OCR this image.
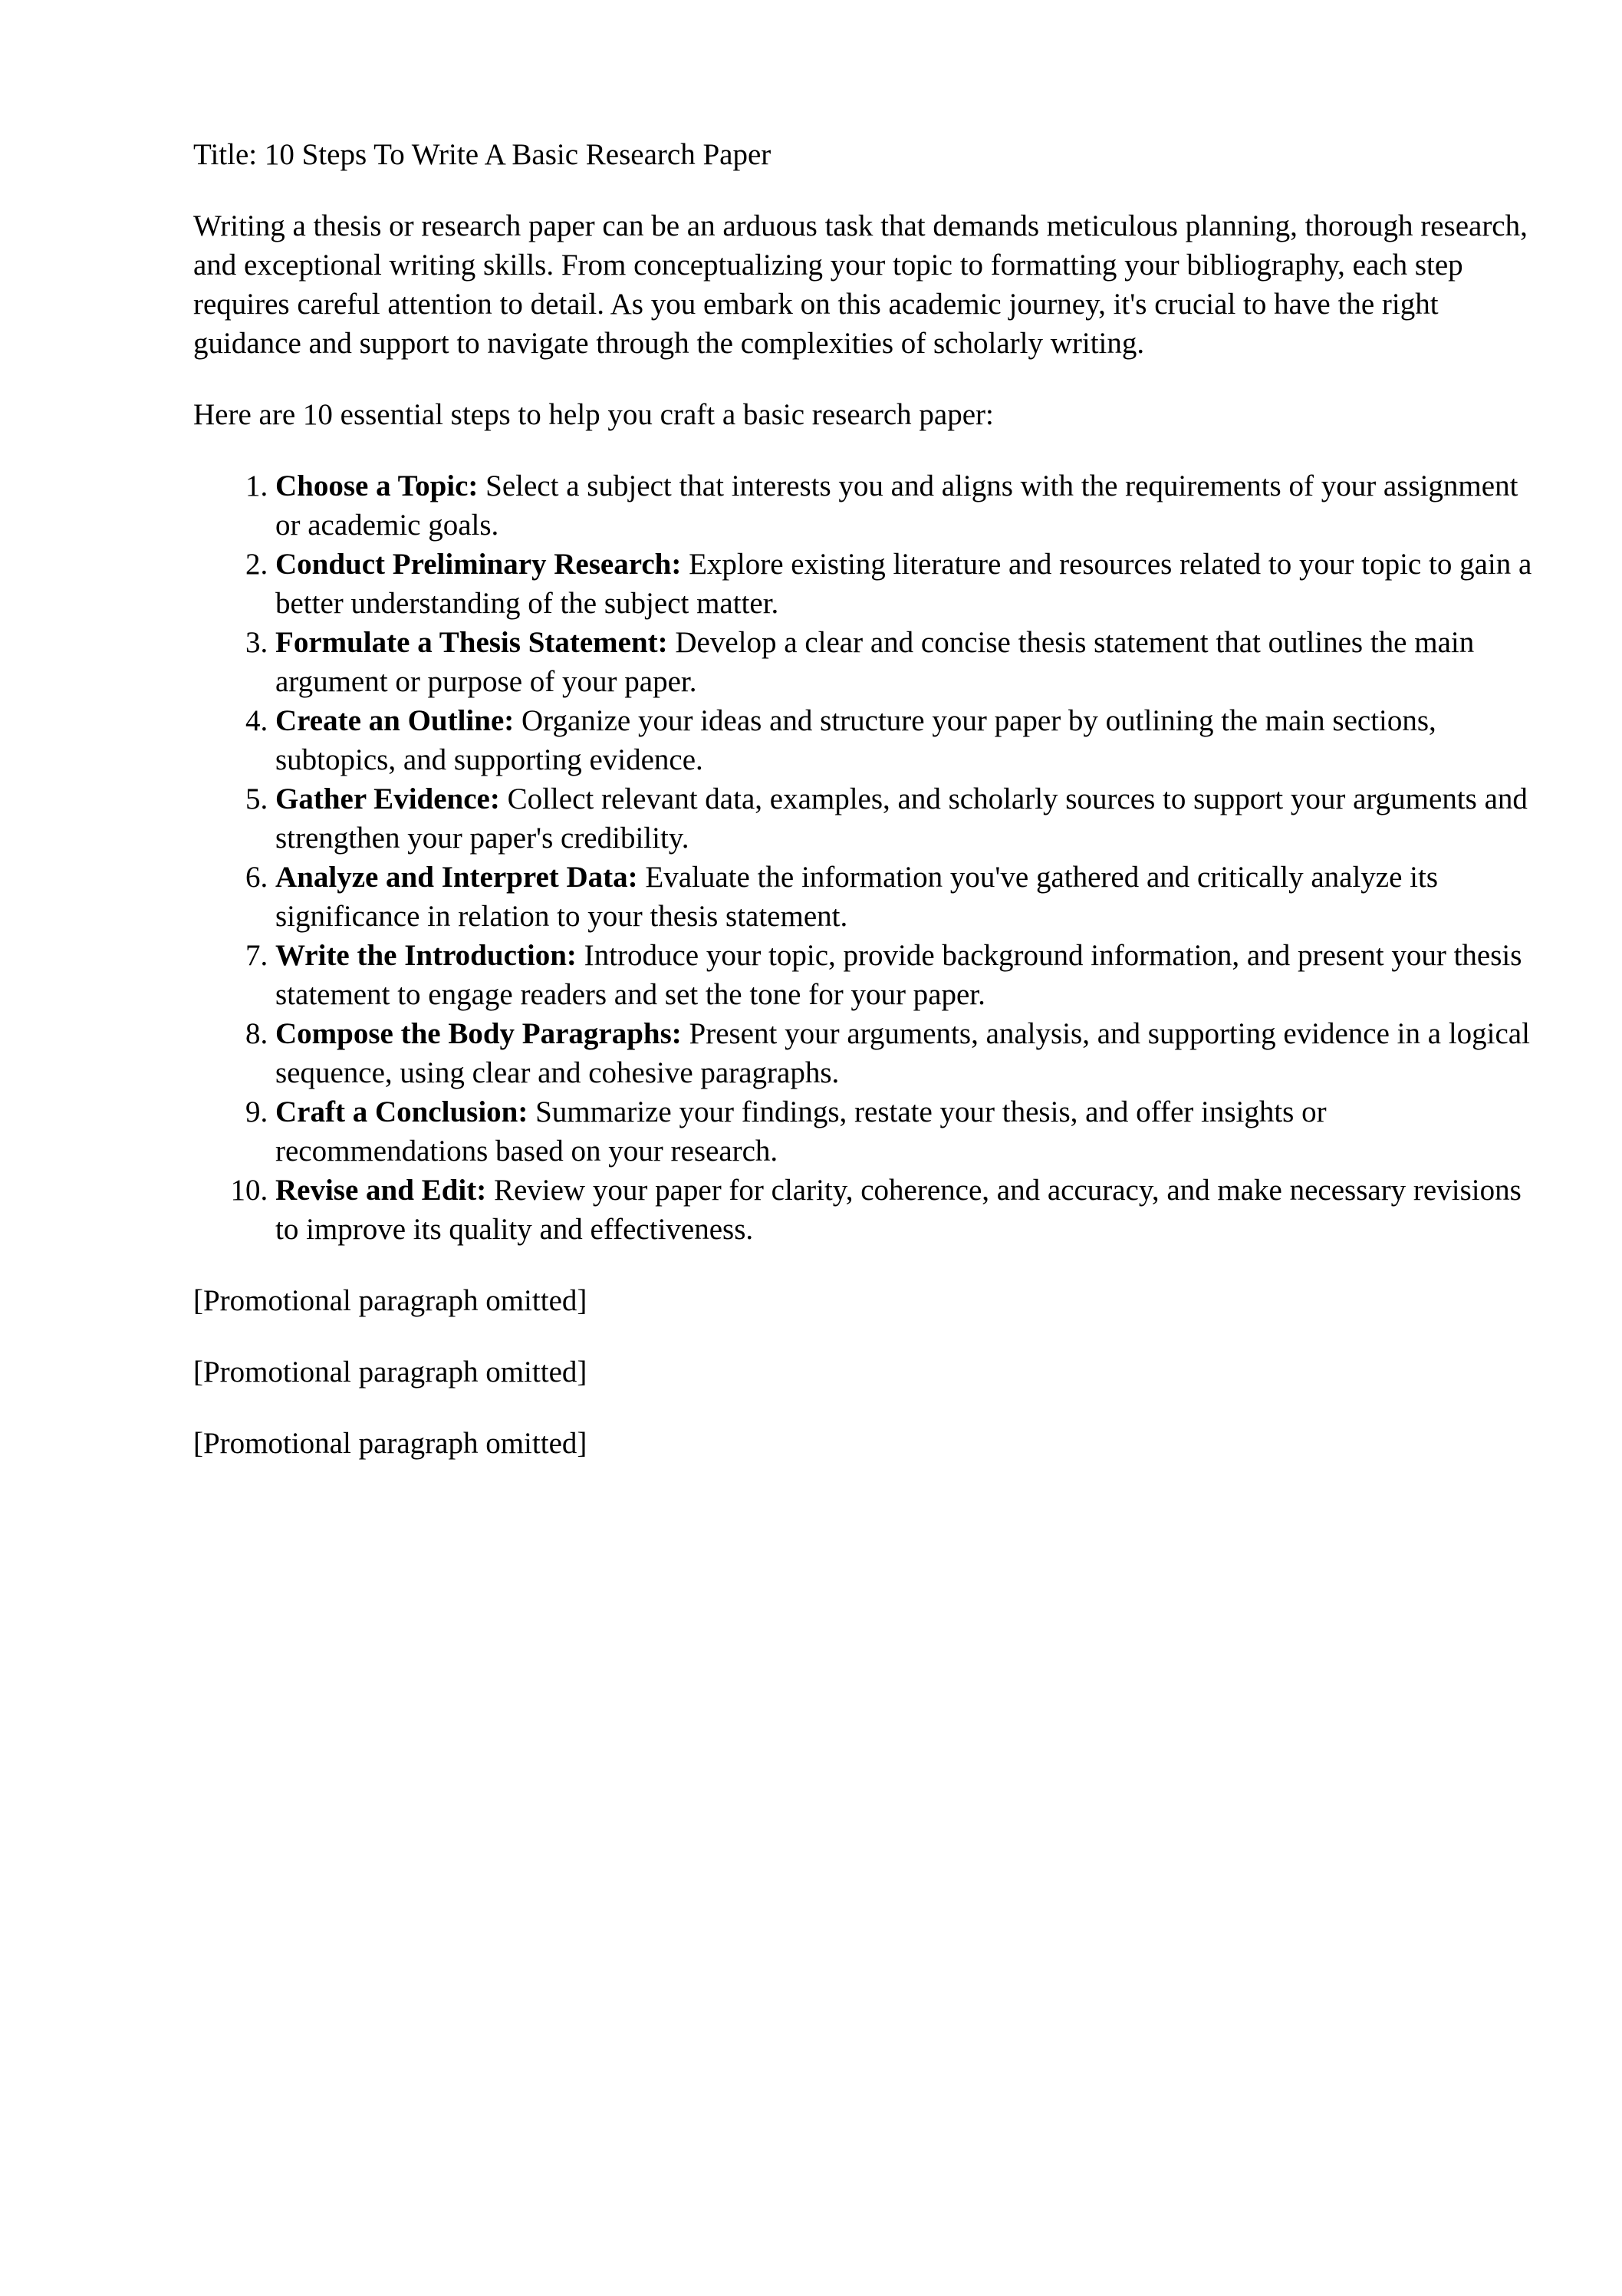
Title: 10 Steps To Write A Basic Research Paper

Writing a thesis or research paper can be an arduous task that demands meticulous planning, thorough research, and exceptional writing skills. From conceptualizing your topic to formatting your bibliography, each step requires careful attention to detail. As you embark on this academic journey, it's crucial to have the right guidance and support to navigate through the complexities of scholarly writing.

Here are 10 essential steps to help you craft a basic research paper:

1. Choose a Topic: Select a subject that interests you and aligns with the requirements of your assignment or academic goals.
2. Conduct Preliminary Research: Explore existing literature and resources related to your topic to gain a better understanding of the subject matter.
3. Formulate a Thesis Statement: Develop a clear and concise thesis statement that outlines the main argument or purpose of your paper.
4. Create an Outline: Organize your ideas and structure your paper by outlining the main sections, subtopics, and supporting evidence.
5. Gather Evidence: Collect relevant data, examples, and scholarly sources to support your arguments and strengthen your paper's credibility.
6. Analyze and Interpret Data: Evaluate the information you've gathered and critically analyze its significance in relation to your thesis statement.
7. Write the Introduction: Introduce your topic, provide background information, and present your thesis statement to engage readers and set the tone for your paper.
8. Compose the Body Paragraphs: Present your arguments, analysis, and supporting evidence in a logical sequence, using clear and cohesive paragraphs.
9. Craft a Conclusion: Summarize your findings, restate your thesis, and offer insights or recommendations based on your research.
10. Revise and Edit: Review your paper for clarity, coherence, and accuracy, and make necessary revisions to improve its quality and effectiveness.

[Promotional paragraph omitted]

[Promotional paragraph omitted]

[Promotional paragraph omitted]
